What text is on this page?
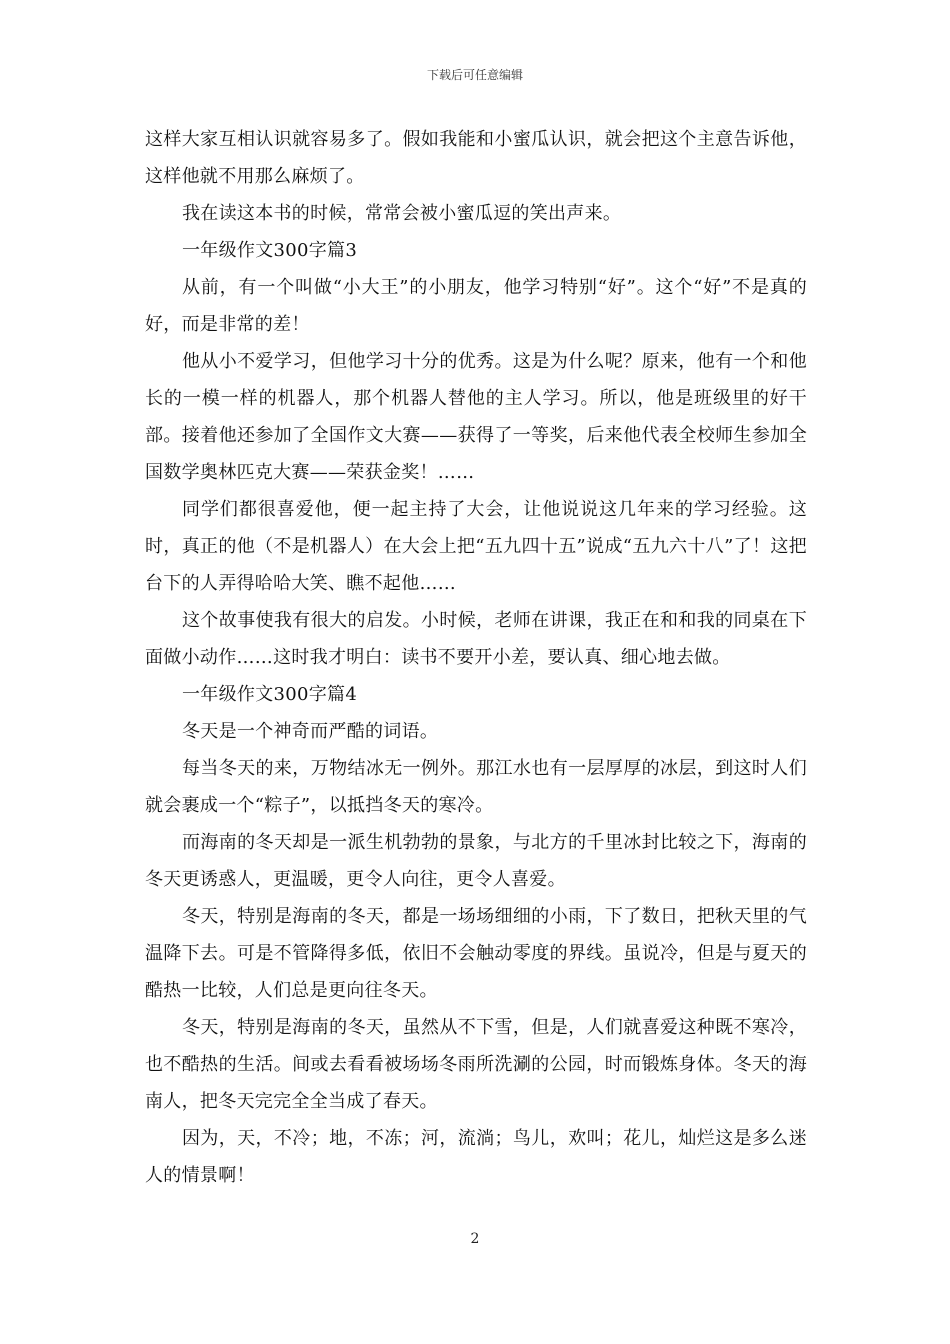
下载后可任意编辑

这样大家互相认识就容易多了。假如我能和小蜜瓜认识，就会把这个主意告诉他，这样他就不用那么麻烦了。

我在读这本书的时候，常常会被小蜜瓜逗的笑出声来。

一年级作文300字篇3

从前，有一个叫做“小大王”的小朋友，他学习特别“好”。这个“好”不是真的好，而是非常的差！

他从小不爱学习，但他学习十分的优秀。这是为什么呢？原来，他有一个和他长的一模一样的机器人，那个机器人替他的主人学习。所以，他是班级里的好干部。接着他还参加了全国作文大赛——获得了一等奖，后来他代表全校师生参加全国数学奥林匹克大赛——荣获金奖！……

同学们都很喜爱他，便一起主持了大会，让他说说这几年来的学习经验。这时，真正的他（不是机器人）在大会上把“五九四十五”说成“五九六十八”了！这把台下的人弄得哈哈大笑、瞧不起他……

这个故事使我有很大的启发。小时候，老师在讲课，我正在和和我的同桌在下面做小动作……这时我才明白：读书不要开小差，要认真、细心地去做。

一年级作文300字篇4

冬天是一个神奇而严酷的词语。

每当冬天的来，万物结冰无一例外。那江水也有一层厚厚的冰层，到这时人们就会裹成一个“粽子”，以抵挡冬天的寒冷。

而海南的冬天却是一派生机勃勃的景象，与北方的千里冰封比较之下，海南的冬天更诱惑人，更温暖，更令人向往，更令人喜爱。

冬天，特别是海南的冬天，都是一场场细细的小雨，下了数日，把秋天里的气温降下去。可是不管降得多低，依旧不会触动零度的界线。虽说冷，但是与夏天的酷热一比较，人们总是更向往冬天。

冬天，特别是海南的冬天，虽然从不下雪，但是，人们就喜爱这种既不寒冷，也不酷热的生活。间或去看看被场场冬雨所洗涮的公园，时而锻炼身体。冬天的海南人，把冬天完完全全当成了春天。

因为，天，不冷；地，不冻；河，流淌；鸟儿，欢叫；花儿，灿烂这是多么迷人的情景啊！

2
